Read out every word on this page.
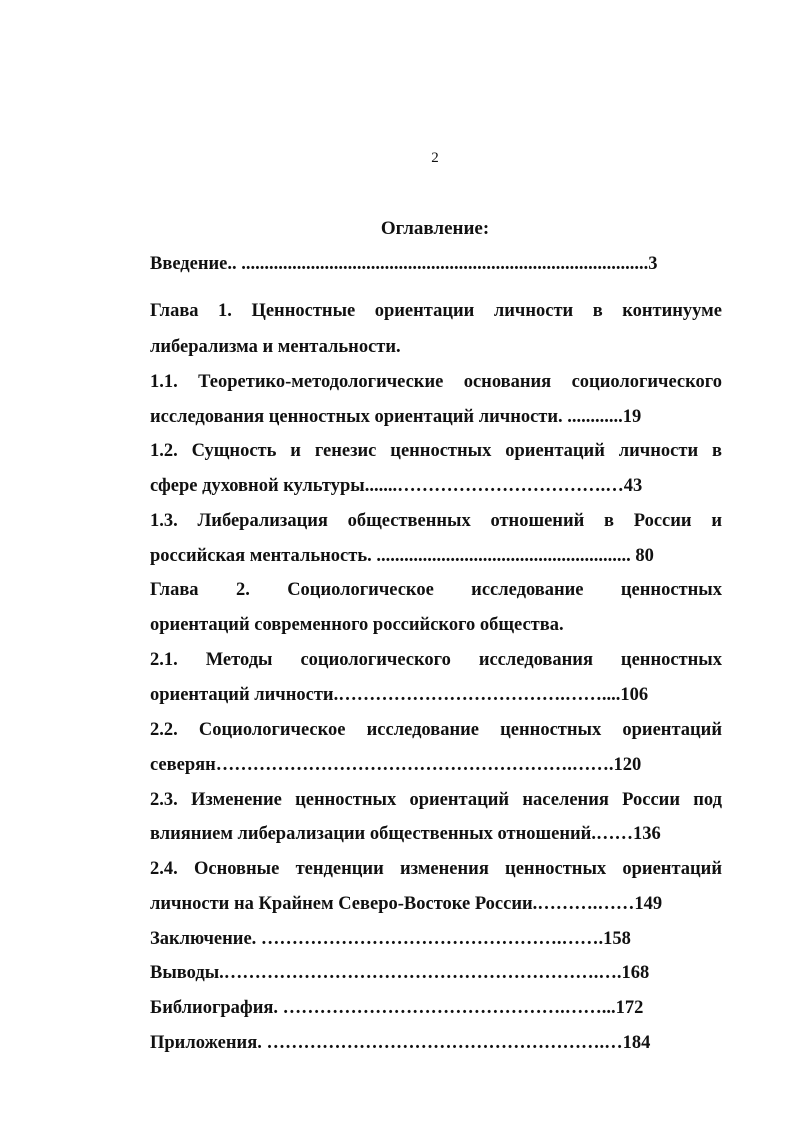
2
Оглавление:
Введение.. ........................................................................................3
Глава 1. Ценностные ориентации личности в континууме
либерализма и ментальности.
1.1. Теоретико-методологические основания социологического
исследования ценностных ориентаций личности. ............19
1.2. Сущность и генезис ценностных ориентаций личности в
сфере духовной культуры.......…………………………….…43
1.3. Либерализация общественных отношений в России и
российская ментальность. ....................................................... 80
Глава 2. Социологическое исследование ценностных
ориентаций современного российского общества.
2.1. Методы социологического исследования ценностных
ориентаций личности.……………………………….……....106
2.2. Социологическое исследование ценностных ориентаций
северян………………………………………………….…….120
2.3. Изменение ценностных ориентаций населения России под
влиянием либерализации общественных отношений.……136
2.4. Основные тенденции изменения ценностных ориентаций
личности на Крайнем Северо-Востоке России.……….……149
Заключение. ………………………………………….…….158
Выводы.…………………………………………………….….168
Библиография. ……………………………………….……...172
Приложения. ……………………………………………….…184
